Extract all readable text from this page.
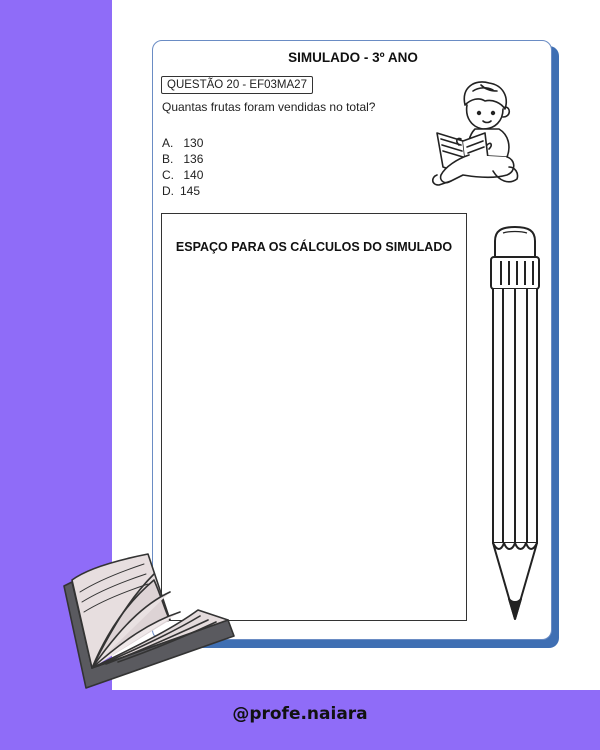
@profe.naiara
SIMULADO - 3º ANO
QUESTÃO 20 - EF03MA27
Quantas frutas foram vendidas no total?
A. 130
B. 136
C. 140
D. 145
ESPAÇO PARA OS CÁLCULOS DO SIMULADO
